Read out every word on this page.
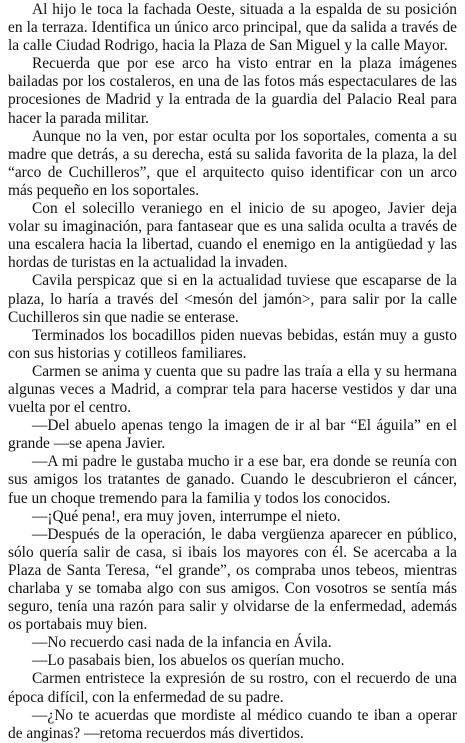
Al hijo le toca la fachada Oeste, situada a la espalda de su posición en la terraza. Identifica un único arco principal, que da salida a través de la calle Ciudad Rodrigo, hacia la Plaza de San Miguel y la calle Mayor.

Recuerda que por ese arco ha visto entrar en la plaza imágenes bailadas por los costaleros, en una de las fotos más espectaculares de las procesiones de Madrid y la entrada de la guardia del Palacio Real para hacer la parada militar.

Aunque no la ven, por estar oculta por los soportales, comenta a su madre que detrás, a su derecha, está su salida favorita de la plaza, la del “arco de Cuchilleros”, que el arquitecto quiso identificar con un arco más pequeño en los soportales.

Con el solecillo veraniego en el inicio de su apogeo, Javier deja volar su imaginación, para fantasear que es una salida oculta a través de una escalera hacia la libertad, cuando el enemigo en la antigüedad y las hordas de turistas en la actualidad la invaden.

Cavila perspicaz que si en la actualidad tuviese que escaparse de la plaza, lo haría a través del <mesón del jamón>, para salir por la calle Cuchilleros sin que nadie se enterase.

Terminados los bocadillos piden nuevas bebidas, están muy a gusto con sus historias y cotilleos familiares.

Carmen se anima y cuenta que su padre las traía a ella y su hermana algunas veces a Madrid, a comprar tela para hacerse vestidos y dar una vuelta por el centro.

—Del abuelo apenas tengo la imagen de ir al bar “El águila” en el grande —se apena Javier.

—A mi padre le gustaba mucho ir a ese bar, era donde se reunía con sus amigos los tratantes de ganado. Cuando le descubrieron el cáncer, fue un choque tremendo para la familia y todos los conocidos.

—¡Qué pena!, era muy joven, interrumpe el nieto.

—Después de la operación, le daba vergüenza aparecer en público, sólo quería salir de casa, si ibais los mayores con él. Se acercaba a la Plaza de Santa Teresa, “el grande”, os compraba unos tebeos, mientras charlaba y se tomaba algo con sus amigos. Con vosotros se sentía más seguro, tenía una razón para salir y olvidarse de la enfermedad, además os portabais muy bien.

—No recuerdo casi nada de la infancia en Ávila.

—Lo pasabais bien, los abuelos os querían mucho.

Carmen entristece la expresión de su rostro, con el recuerdo de una época difícil, con la enfermedad de su padre.

—¿No te acuerdas que mordiste al médico cuando te iban a operar de anginas? —retoma recuerdos más divertidos.
